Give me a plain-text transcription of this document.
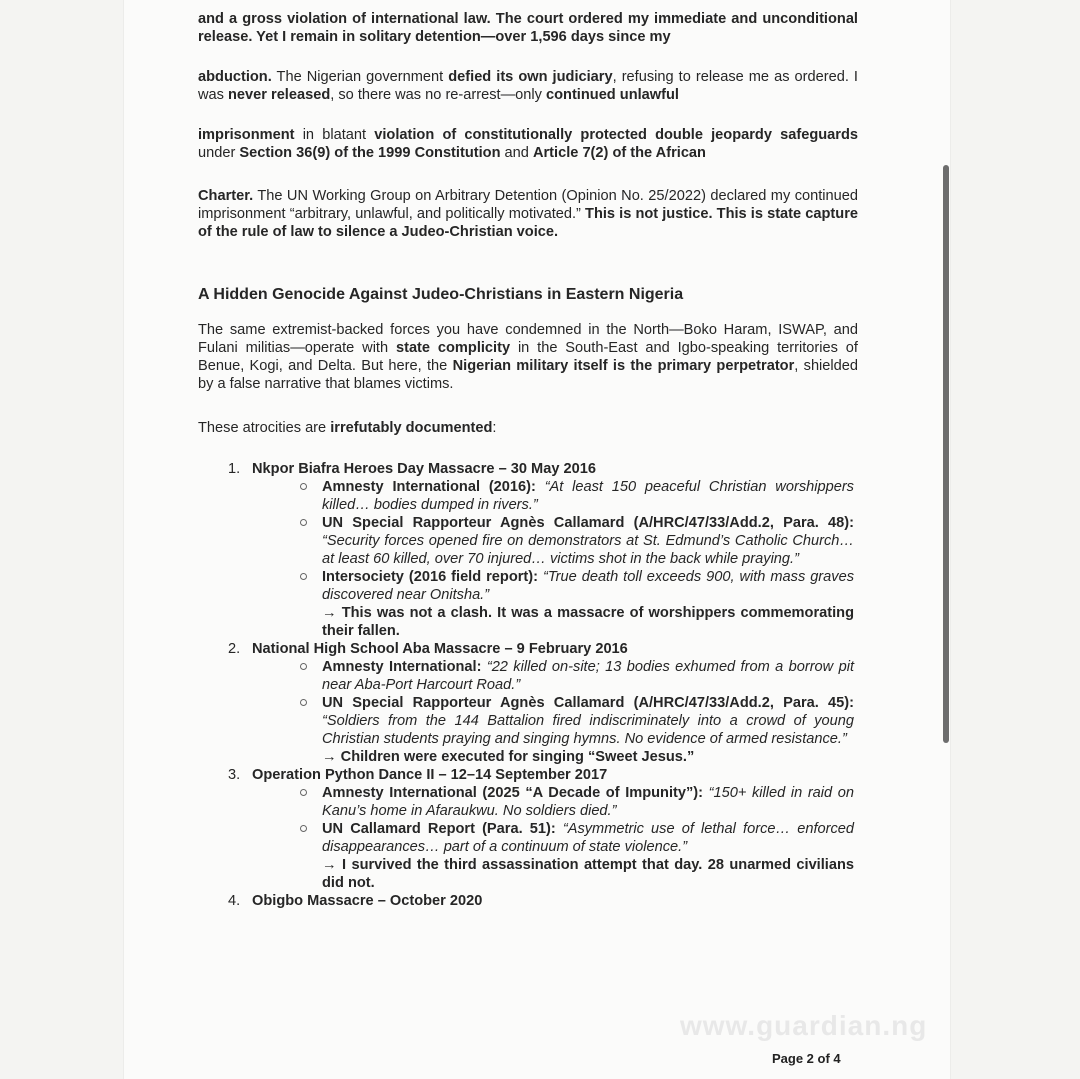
www.guardian.ng

and a gross violation of international law. The court ordered my immediate and unconditional release. Yet I remain in solitary detention—over 1,596 days since my

abduction. The Nigerian government defied its own judiciary, refusing to release me as ordered. I was never released, so there was no re-arrest—only continued unlawful

imprisonment in blatant violation of constitutionally protected double jeopardy safeguards under Section 36(9) of the 1999 Constitution and Article 7(2) of the African

Charter. The UN Working Group on Arbitrary Detention (Opinion No. 25/2022) declared my continued imprisonment “arbitrary, unlawful, and politically motivated.” This is not justice. This is state capture of the rule of law to silence a Judeo-Christian voice.

A Hidden Genocide Against Judeo-Christians in Eastern Nigeria

The same extremist-backed forces you have condemned in the North—Boko Haram, ISWAP, and Fulani militias—operate with state complicity in the South-East and Igbo-speaking territories of Benue, Kogi, and Delta. But here, the Nigerian military itself is the primary perpetrator, shielded by a false narrative that blames victims.

These atrocities are irrefutably documented:

1. Nkpor Biafra Heroes Day Massacre – 30 May 2016

Amnesty International (2016): “At least 150 peaceful Christian worshippers killed… bodies dumped in rivers.”

UN Special Rapporteur Agnès Callamard (A/HRC/47/33/Add.2, Para. 48): “Security forces opened fire on demonstrators at St. Edmund’s Catholic Church… at least 60 killed, over 70 injured… victims shot in the back while praying.”

Intersociety (2016 field report): “True death toll exceeds 900, with mass graves discovered near Onitsha.”
→ This was not a clash. It was a massacre of worshippers commemorating their fallen.

2. National High School Aba Massacre – 9 February 2016

Amnesty International: “22 killed on-site; 13 bodies exhumed from a borrow pit near Aba-Port Harcourt Road.”

UN Special Rapporteur Agnès Callamard (A/HRC/47/33/Add.2, Para. 45): “Soldiers from the 144 Battalion fired indiscriminately into a crowd of young Christian students praying and singing hymns. No evidence of armed resistance.”
→ Children were executed for singing “Sweet Jesus.”

3. Operation Python Dance II – 12–14 September 2017

Amnesty International (2025 “A Decade of Impunity”): “150+ killed in raid on Kanu’s home in Afaraukwu. No soldiers died.”

UN Callamard Report (Para. 51): “Asymmetric use of lethal force… enforced disappearances… part of a continuum of state violence.”
→ I survived the third assassination attempt that day. 28 unarmed civilians did not.

4. Obigbo Massacre – October 2020
Page 2 of 4
